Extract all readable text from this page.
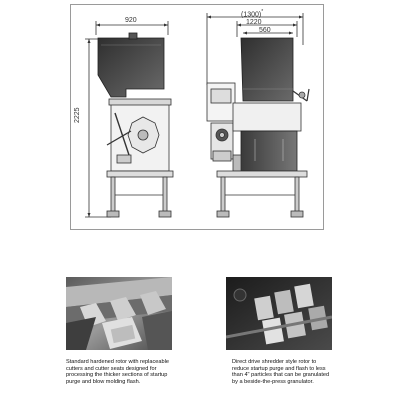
920
2225
(1300)*
1220
560
Standard hardened rotor with replaceable cutters and cutter seats designed for processing the thicker sections of startup purge and blow molding flash.
Direct drive shredder style rotor to reduce startup purge and flash to less than 4" particles that can be granulated by a beside-the-press granulator.
